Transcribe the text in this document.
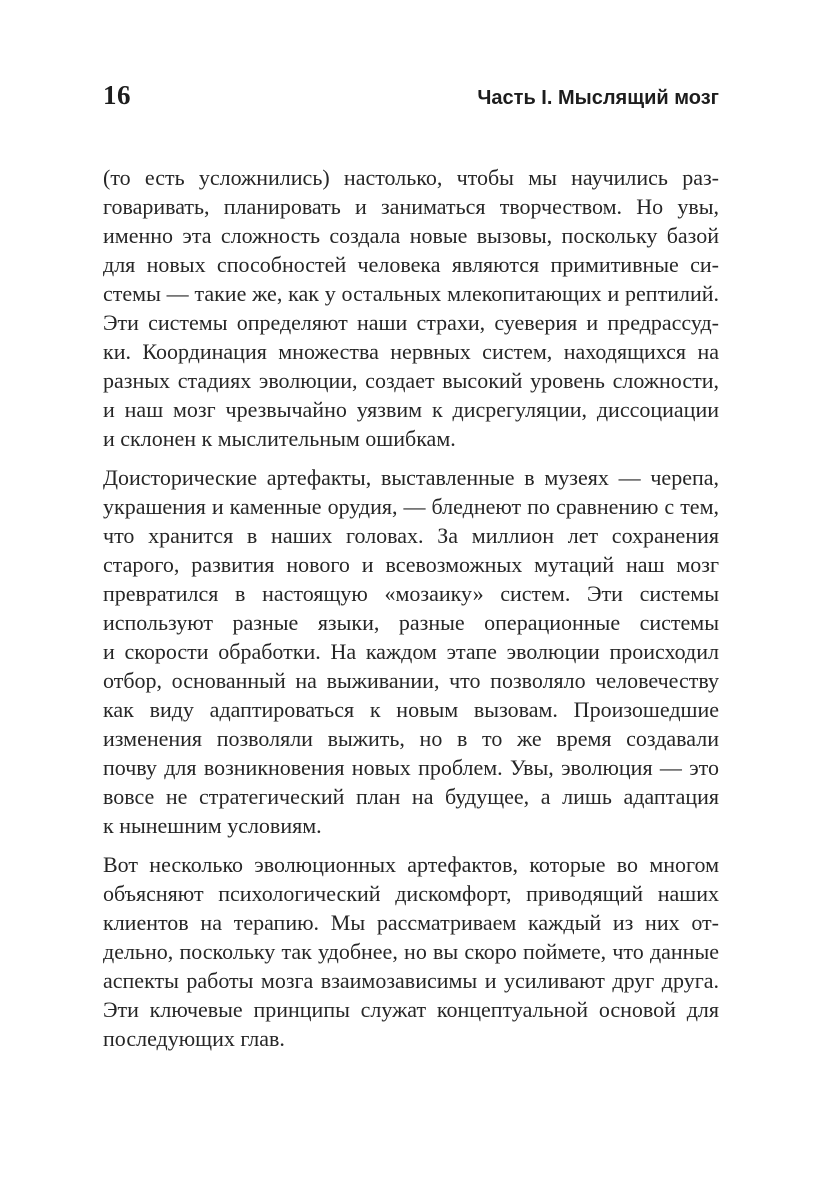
16	Часть I. Мыслящий мозг
(то есть усложнились) настолько, чтобы мы научились раз-
говаривать, планировать и заниматься творчеством. Но увы,
именно эта сложность создала новые вызовы, поскольку базой
для новых способностей человека являются примитивные си-
стемы — такие же, как у остальных млекопитающих и рептилий.
Эти системы определяют наши страхи, суеверия и предрассуд-
ки. Координация множества нервных систем, находящихся на
разных стадиях эволюции, создает высокий уровень сложности,
и наш мозг чрезвычайно уязвим к дисрегуляции, диссоциации
и склонен к мыслительным ошибкам.
Доисторические артефакты, выставленные в музеях — черепа,
украшения и каменные орудия, — бледнеют по сравнению с тем,
что хранится в наших головах. За миллион лет сохранения
старого, развития нового и всевозможных мутаций наш мозг
превратился в настоящую «мозаику» систем. Эти системы
используют разные языки, разные операционные системы
и скорости обработки. На каждом этапе эволюции происходил
отбор, основанный на выживании, что позволяло человечеству
как виду адаптироваться к новым вызовам. Произошедшие
изменения позволяли выжить, но в то же время создавали
почву для возникновения новых проблем. Увы, эволюция — это
вовсе не стратегический план на будущее, а лишь адаптация
к нынешним условиям.
Вот несколько эволюционных артефактов, которые во многом
объясняют психологический дискомфорт, приводящий наших
клиентов на терапию. Мы рассматриваем каждый из них от-
дельно, поскольку так удобнее, но вы скоро поймете, что данные
аспекты работы мозга взаимозависимы и усиливают друг друга.
Эти ключевые принципы служат концептуальной основой для
последующих глав.
